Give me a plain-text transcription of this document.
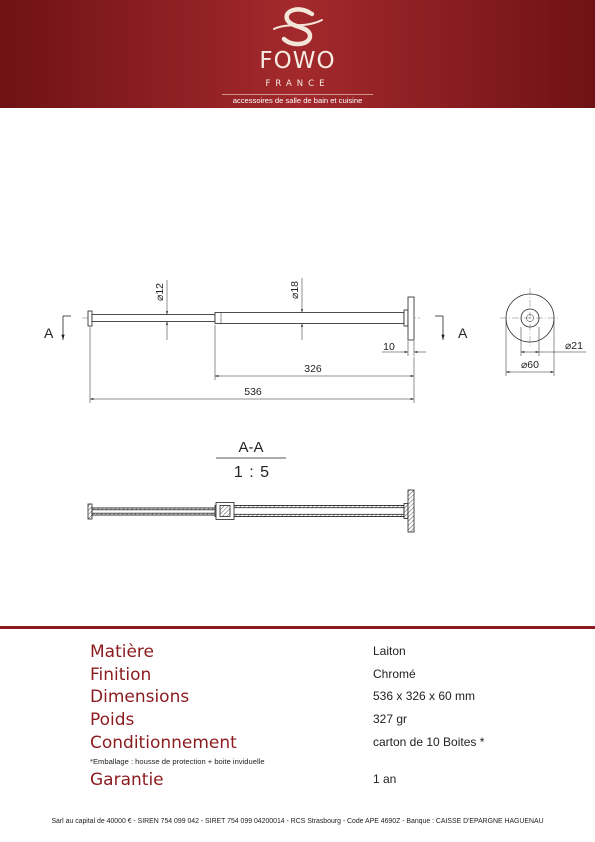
FOWO
FRANCE
accessoires de salle de bain et cuisine
A	A
⌀12	⌀18
10
326
536
⌀21
⌀60
A-A
1 : 5
Matière	Laiton
Finition	Chromé
Dimensions	536 x 326 x 60 mm
Poids	327 gr
Conditionnement	carton de 10 Boites *
*Emballage : housse de protection + boite inviduelle
Garantie	1 an
Sarl au capital de 40000 € - SIREN 754 099 042 - SIRET 754 099 04200014 - RCS Strasbourg - Code APE 4690Z - Banque : CAISSE D'EPARGNE HAGUENAU
